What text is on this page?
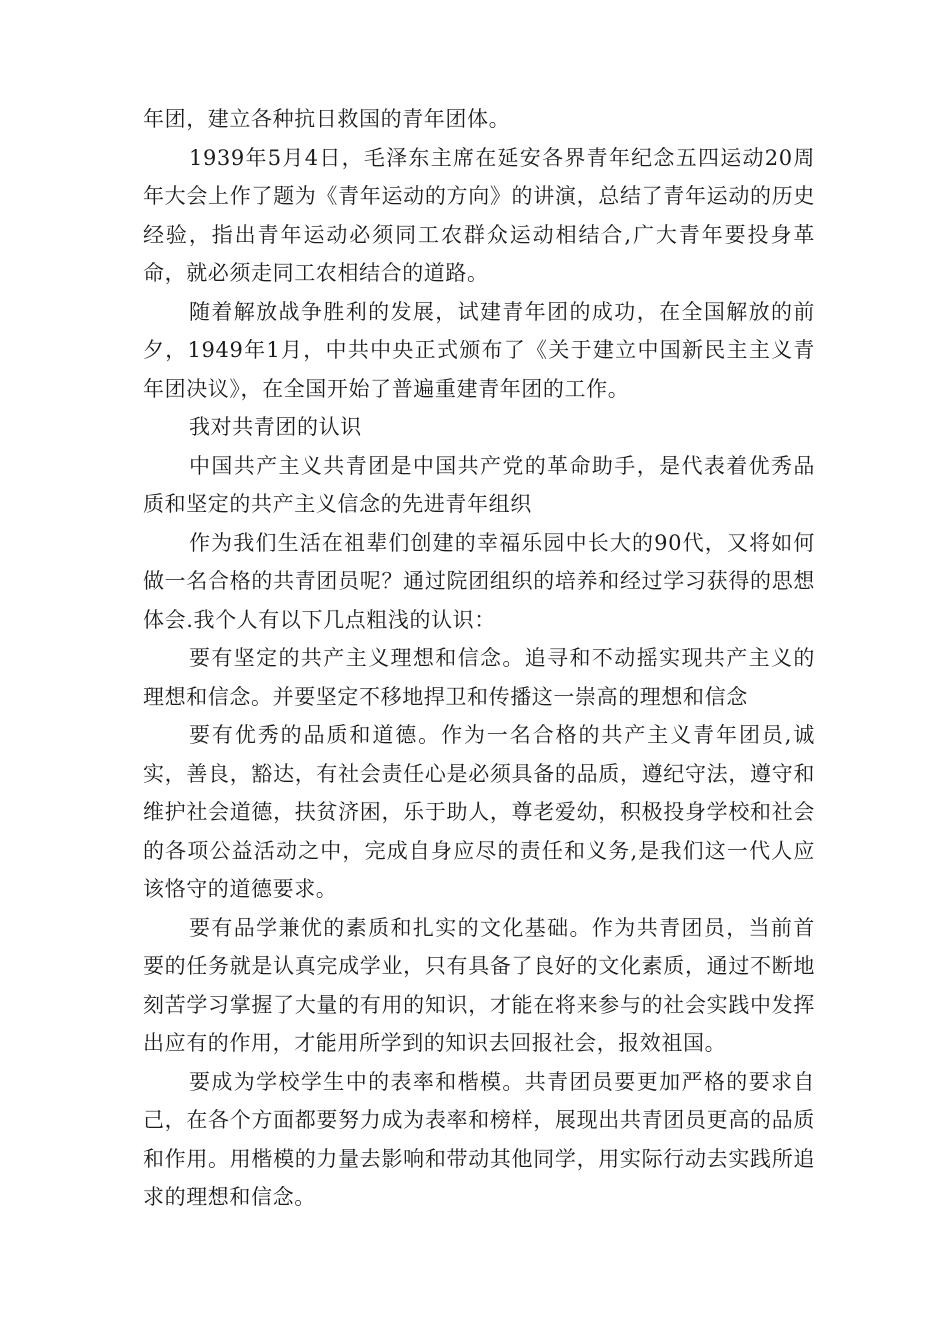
年团，建立各种抗日救国的青年团体。

1939年5月4日，毛泽东主席在延安各界青年纪念五四运动20周年大会上作了题为《青年运动的方向》的讲演，总结了青年运动的历史经验，指出青年运动必须同工农群众运动相结合,广大青年要投身革命，就必须走同工农相结合的道路。

随着解放战争胜利的发展，试建青年团的成功，在全国解放的前夕，1949年1月，中共中央正式颁布了《关于建立中国新民主主义青年团决议》，在全国开始了普遍重建青年团的工作。

我对共青团的认识

中国共产主义共青团是中国共产党的革命助手，是代表着优秀品质和坚定的共产主义信念的先进青年组织

作为我们生活在祖辈们创建的幸福乐园中长大的90代，又将如何做一名合格的共青团员呢？通过院团组织的培养和经过学习获得的思想体会.我个人有以下几点粗浅的认识：

要有坚定的共产主义理想和信念。追寻和不动摇实现共产主义的理想和信念。并要坚定不移地捍卫和传播这一崇高的理想和信念

要有优秀的品质和道德。作为一名合格的共产主义青年团员,诚实，善良，豁达，有社会责任心是必须具备的品质，遵纪守法，遵守和维护社会道德，扶贫济困，乐于助人，尊老爱幼，积极投身学校和社会的各项公益活动之中，完成自身应尽的责任和义务,是我们这一代人应该恪守的道德要求。

要有品学兼优的素质和扎实的文化基础。作为共青团员，当前首要的任务就是认真完成学业，只有具备了良好的文化素质，通过不断地刻苦学习掌握了大量的有用的知识，才能在将来参与的社会实践中发挥出应有的作用，才能用所学到的知识去回报社会，报效祖国。

要成为学校学生中的表率和楷模。共青团员要更加严格的要求自己，在各个方面都要努力成为表率和榜样，展现出共青团员更高的品质和作用。用楷模的力量去影响和带动其他同学，用实际行动去实践所追求的理想和信念。
